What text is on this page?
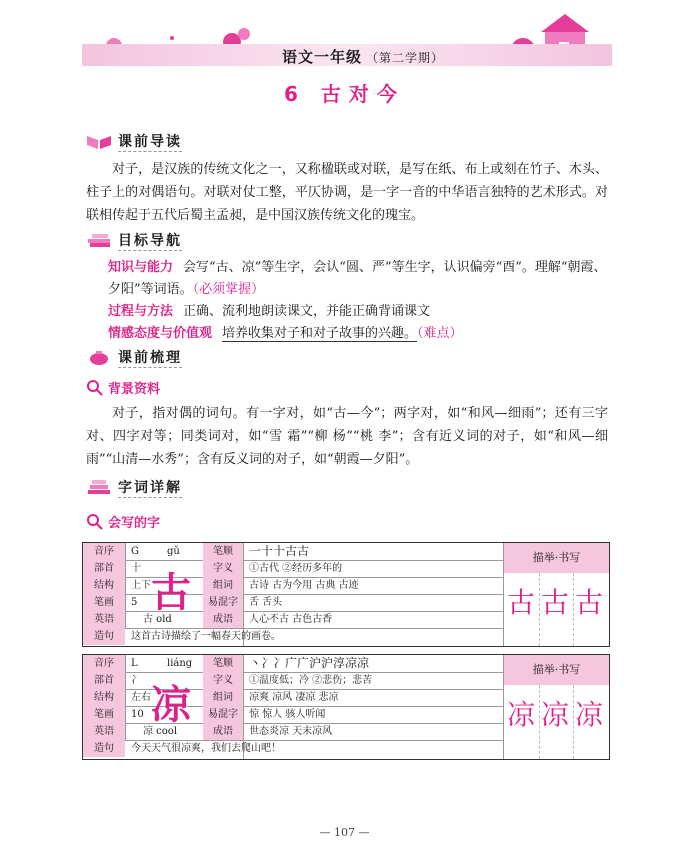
语文一年级 （第二学期）
6 古对今
课前导读
对子，是汉族的传统文化之一，又称楹联或对联，是写在纸、布上或刻在竹子、木头、柱子上的对偶语句。对联对仗工整，平仄协调，是一字一音的中华语言独特的艺术形式。对联相传起于五代后蜀主孟昶，是中国汉族传统文化的瑰宝。
目标导航
知识与能力 会写“古、凉”等生字，会认“圆、严”等生字，认识偏旁“酉”。理解“朝霞、夕阳”等词语。（必须掌握）
过程与方法 正确、流利地朗读课文，并能正确背诵课文
情感态度与价值观 培养收集对子和对子故事的兴趣。（难点）
课前梳理
背景资料
对子，指对偶的词句。有一字对，如“古—今”；两字对，如“和风—细雨”；还有三字对、四字对等；同类词对，如“雪 霜”“柳 杨”“桃 李”；含有近义词的对子，如“和风—细雨”“山清—水秀”；含有反义词的对子，如“朝霞—夕阳”。
字词详解
会写的字
音序	G	gǔ	笔顺	一十十古古
部首	十	字义	①古代 ②经历多年的
结构	上下	组词	古诗 古为今用 古典 古迹
笔画	5	易混字	舌 舌头
英语	古 old	成语	人心不古 古色古香
造句	这首古诗描绘了一幅春天的画卷。
古
描举·书写
古 古 古
音序	L	liáng	笔顺	丶冫冫广广沪沪淳凉凉
部首	冫	字义	①温度低；冷 ②悲伤；悲苦
结构	左右	组词	凉爽 凉风 凄凉 悲凉
笔画	10	易混字	惊 惊人 骇人听闻
英语	凉 cool	成语	世态炎凉 天末凉风
造句	今天天气很凉爽，我们去爬山吧！
凉
描举·书写
凉 凉 凉
— 107 —
